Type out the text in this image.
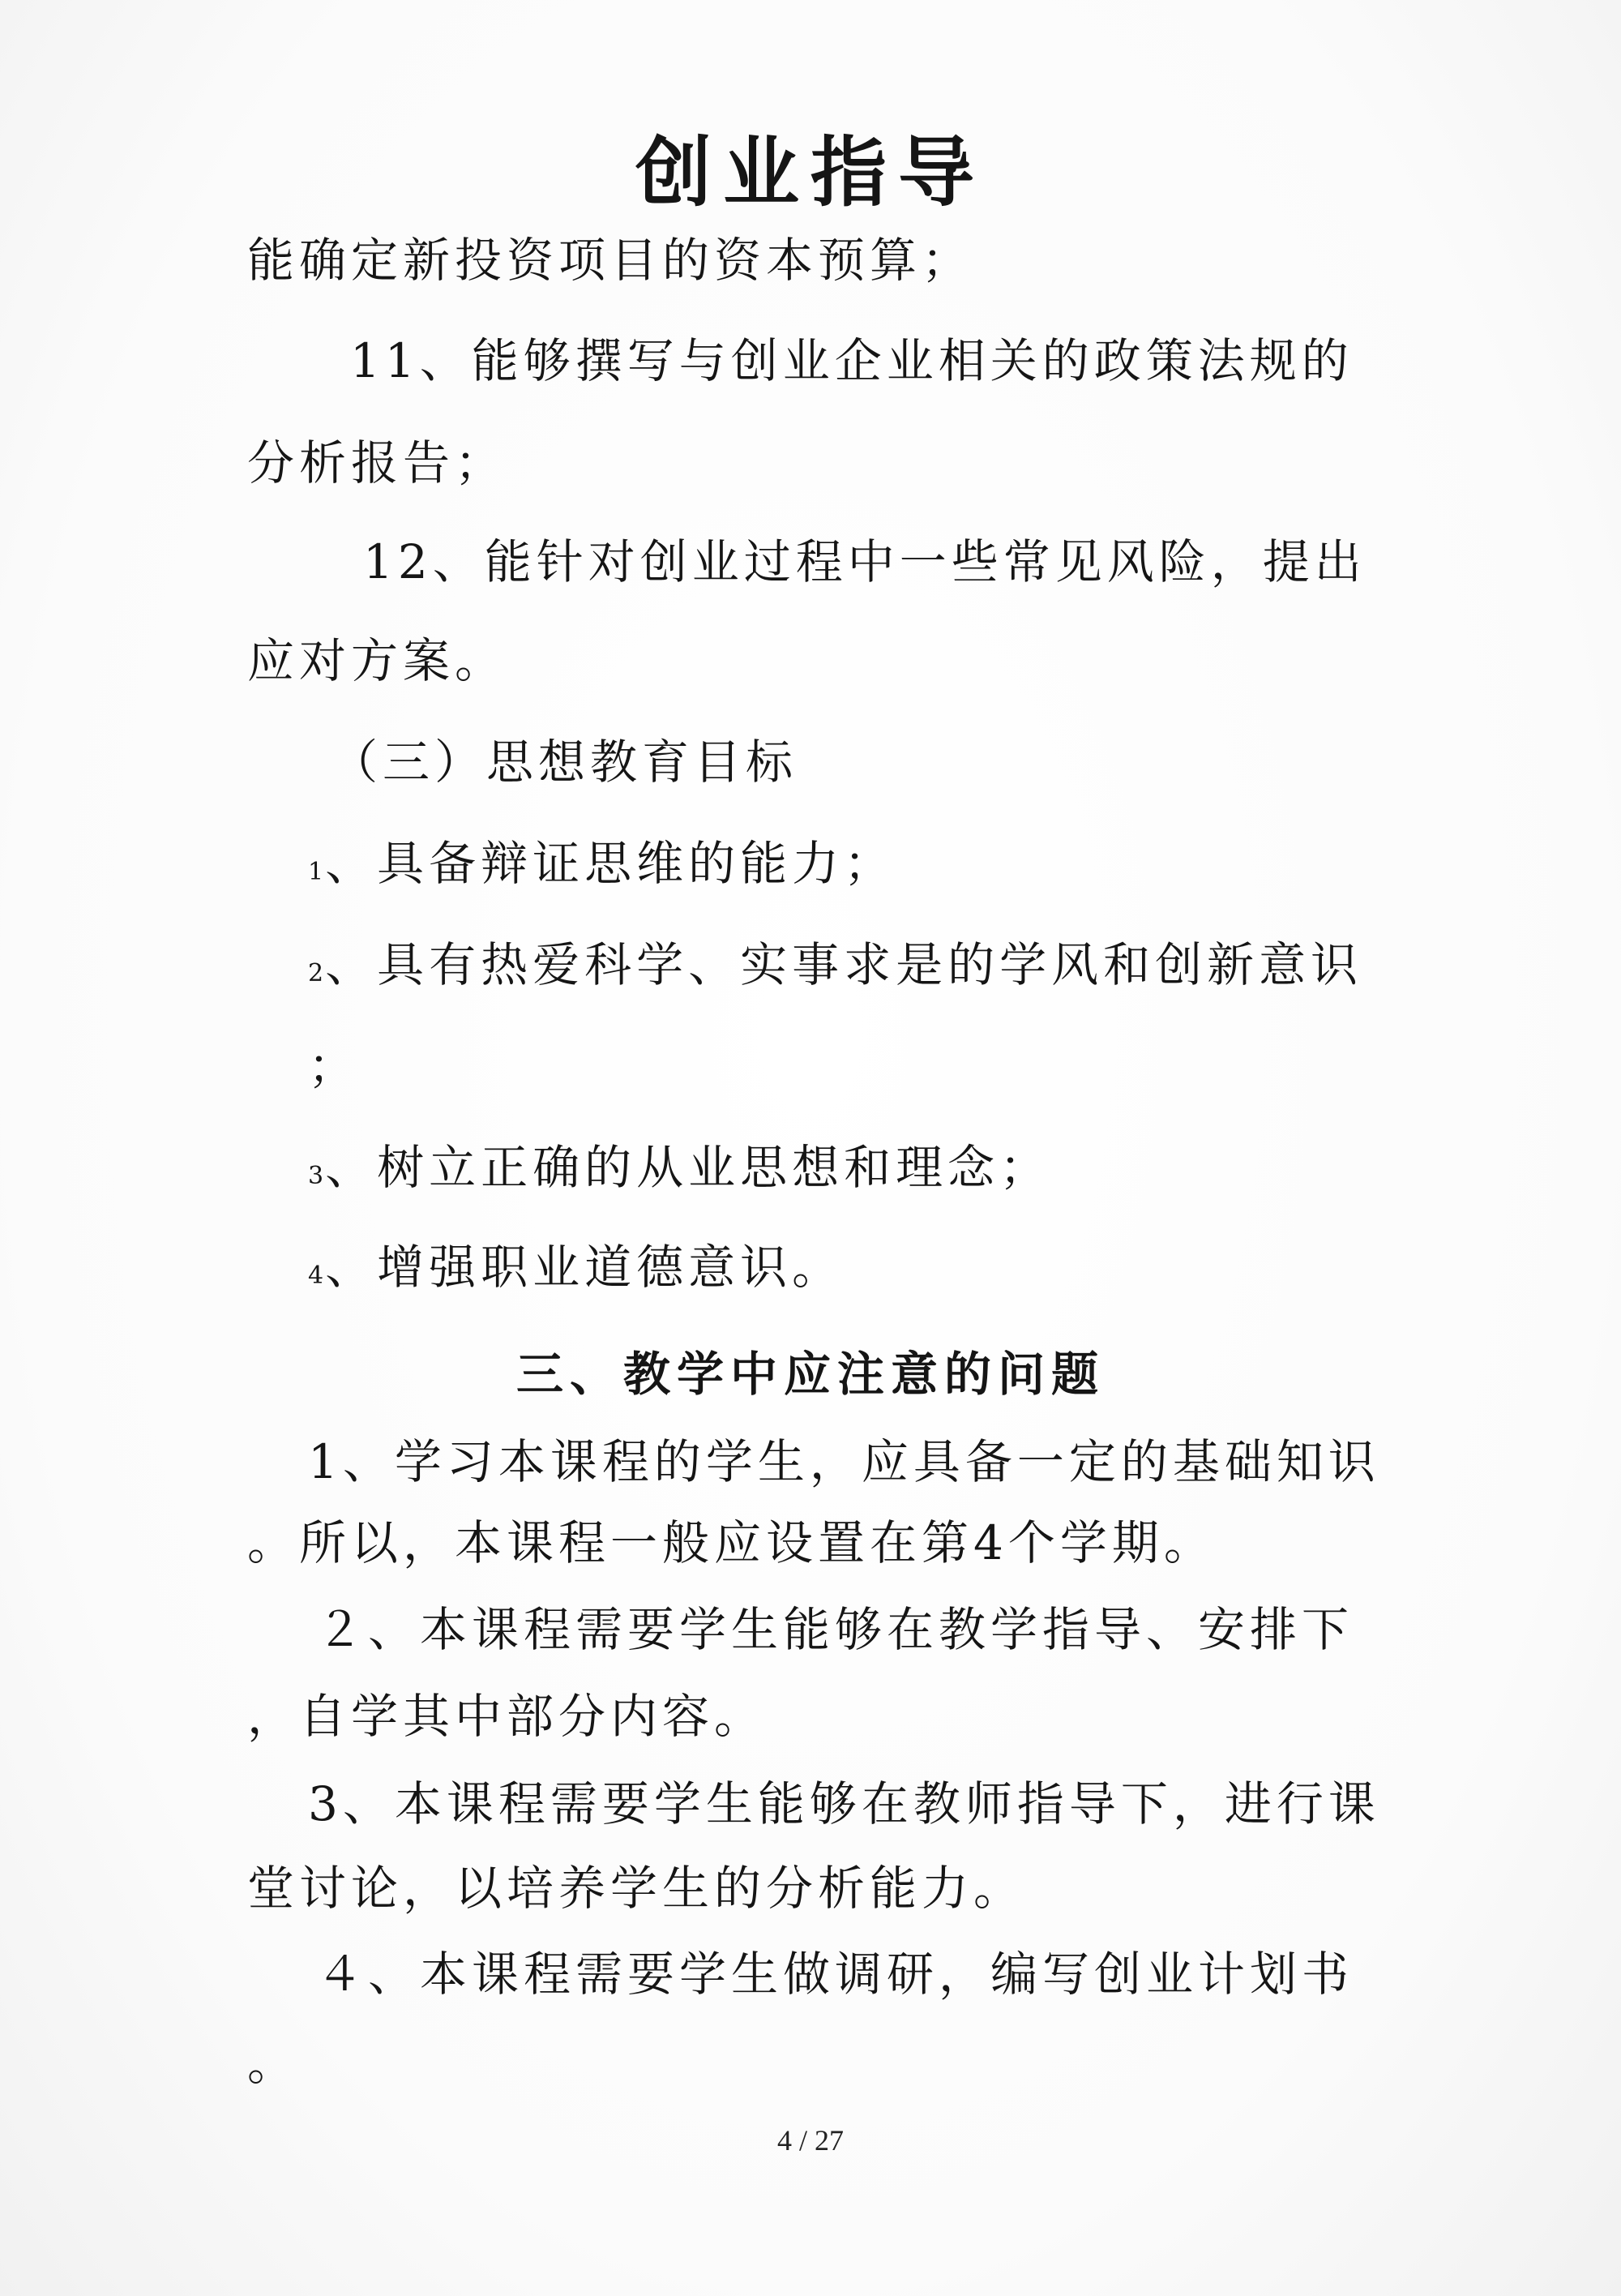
创业指导
能确定新投资项目的资本预算；
11、能够撰写与创业企业相关的政策法规的
分析报告；
12、能针对创业过程中一些常见风险，提出
应对方案。
（三）思想教育目标
1、具备辩证思维的能力；
2、具有热爱科学、实事求是的学风和创新意识
；
3、树立正确的从业思想和理念；
4、增强职业道德意识。
三、教学中应注意的问题
1、学习本课程的学生，应具备一定的基础知识
。所以，本课程一般应设置在第4个学期。
２、本课程需要学生能够在教学指导、安排下
，自学其中部分内容。
3、本课程需要学生能够在教师指导下，进行课
堂讨论，以培养学生的分析能力。
４、本课程需要学生做调研，编写创业计划书
。
4 / 27
